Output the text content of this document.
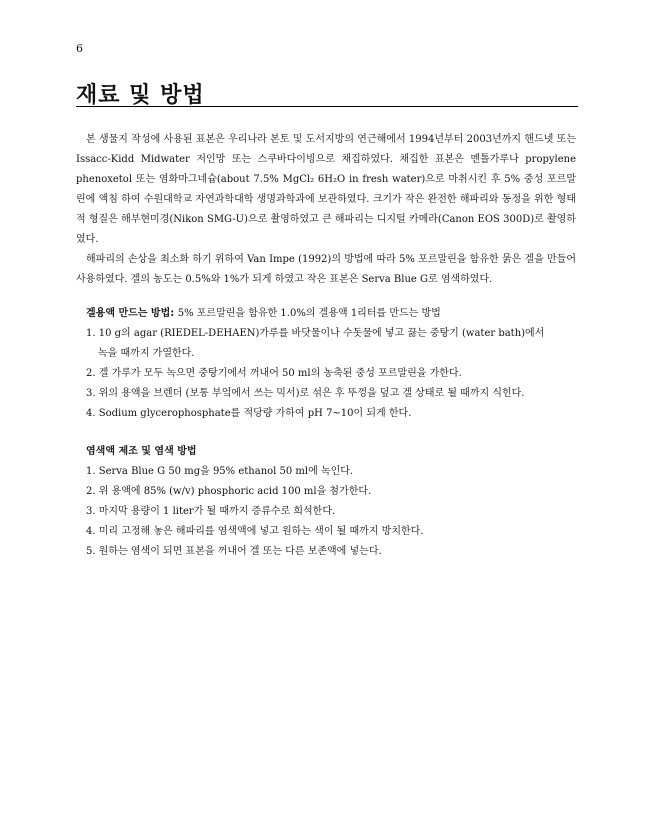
6
재료 및 방법

본 생물지 작성에 사용된 표본은 우리나라 본토 및 도서지방의 연근해에서 1994년부터 2003년까지 핸드넷 또는 Issacc-Kidd Midwater 저인망 또는 스쿠바다이빙으로 채집하였다. 채집한 표본은 멘톨가루나 propylene phenoxetol 또는 염화마그네슘(about 7.5% MgCl₂ 6H₂O in fresh water)으로 마취시킨 후 5% 중성 포르말린에 액침 하여 수원대학교 자연과학대학 생명과학과에 보관하였다. 크기가 작은 완전한 해파리와 동정을 위한 형태적 형질은 해부현미경(Nikon SMG-U)으로 촬영하였고 큰 해파리는 디지털 카메라(Canon EOS 300D)로 촬영하였다.

해파리의 손상을 최소화 하기 위하여 Van Impe (1992)의 방법에 따라 5% 포르말린을 함유한 묽은 겔을 만들어 사용하였다. 겔의 농도는 0.5%와 1%가 되게 하였고 작은 표본은 Serva Blue G로 염색하였다.

겔용액 만드는 방법: 5% 포르말린을 함유한 1.0%의 겔용액 1리터를 만드는 방법

1. 10 g의 agar (RIEDEL-DEHAEN)가루를 바닷물이나 수돗물에 넣고 끓는 중탕기 (water bath)에서
녹을 때까지 가열한다.
2. 겔 가루가 모두 녹으면 중탕기에서 꺼내어 50 ml의 농축된 중성 포르말린을 가한다.
3. 위의 용액을 브렌더 (보통 부엌에서 쓰는 믹서)로 섞은 후 뚜껑을 덮고 겔 상태로 될 때까지 식힌다.
4. Sodium glycerophosphate를 적당량 가하여 pH 7~10이 되게 한다.

염색액 제조 및 염색 방법

1. Serva Blue G 50 mg을 95% ethanol 50 ml에 녹인다.
2. 위 용액에 85% (w/v) phosphoric acid 100 ml을 첨가한다.
3. 마지막 용량이 1 liter가 될 때까지 증류수로 희석한다.
4. 미리 고정해 놓은 해파리를 염색액에 넣고 원하는 색이 될 때까지 방치한다.
5. 원하는 염색이 되면 표본을 꺼내어 겔 또는 다른 보존액에 넣는다.
